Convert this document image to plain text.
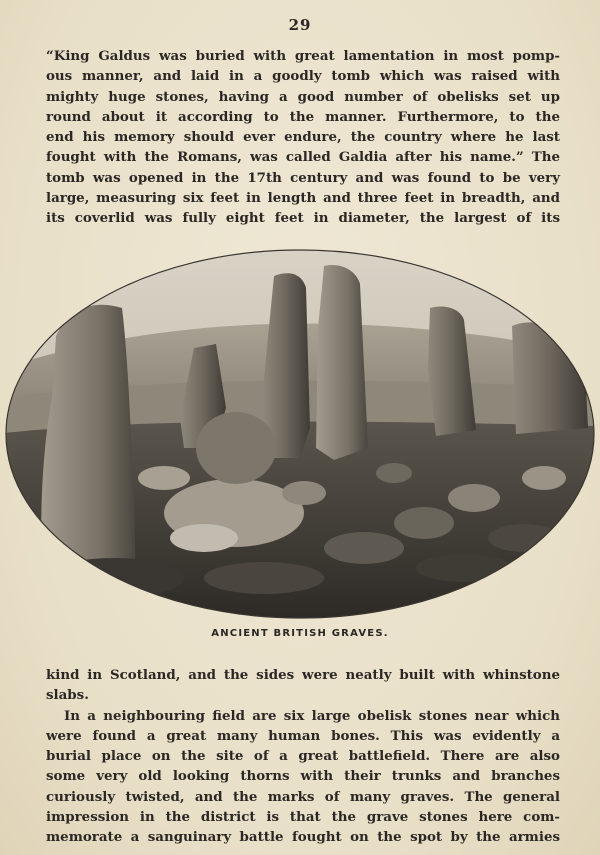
29
“King Galdus was buried with great lamentation in most pomp-
ous manner, and laid in a goodly tomb which was raised with
mighty huge stones, having a good number of obelisks set up
round about it according to the manner. Furthermore, to the
end his memory should ever endure, the country where he last
fought with the Romans, was called Galdia after his name.” The
tomb was opened in the 17th century and was found to be very
large, measuring six feet in length and three feet in breadth, and
its coverlid was fully eight feet in diameter, the largest of its
ANCIENT BRITISH GRAVES.
kind in Scotland, and the sides were neatly built with whinstone
slabs.
In a neighbouring field are six large obelisk stones near which
were found a great many human bones. This was evidently a
burial place on the site of a great battlefield. There are also
some very old looking thorns with their trunks and branches
curiously twisted, and the marks of many graves. The general
impression in the district is that the grave stones here com-
memorate a sanguinary battle fought on the spot by the armies
